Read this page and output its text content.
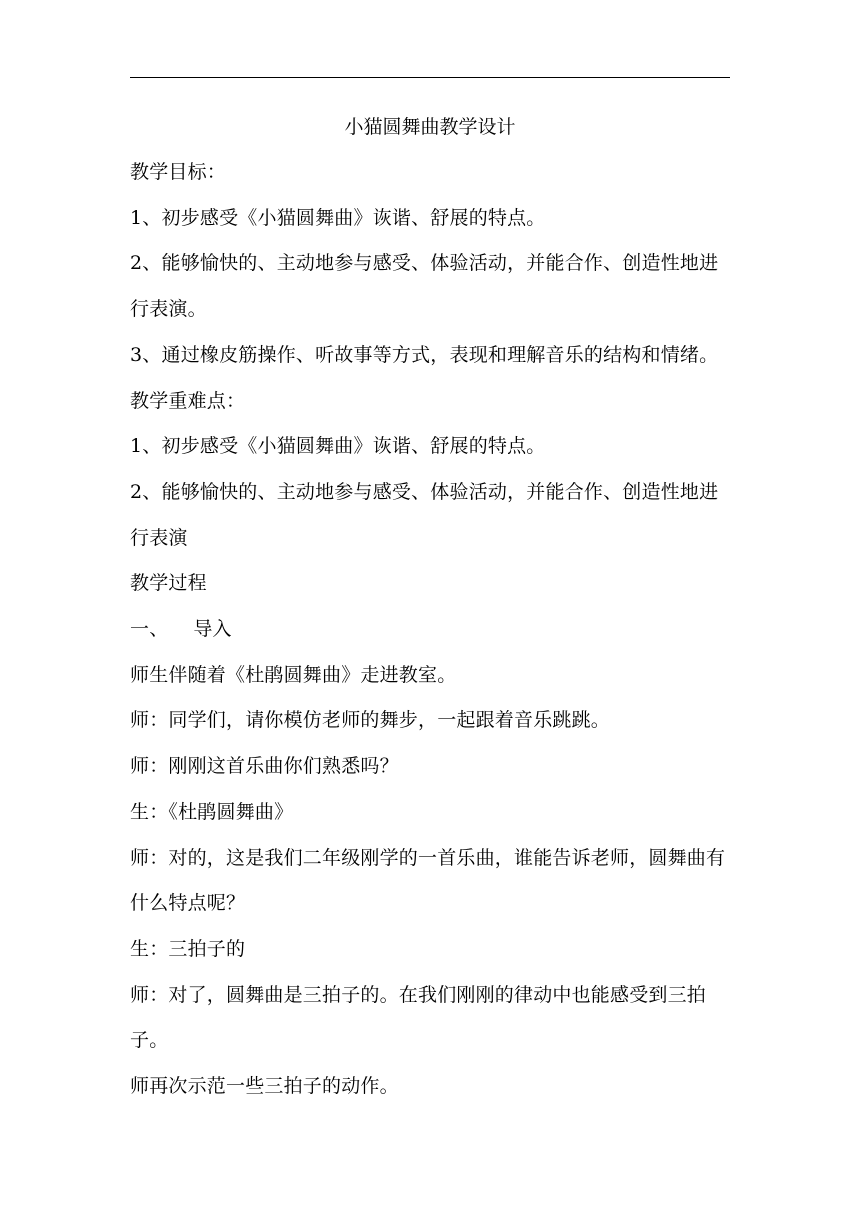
小猫圆舞曲教学设计

教学目标：

1、初步感受《小猫圆舞曲》诙谐、舒展的特点。

2、能够愉快的、主动地参与感受、体验活动，并能合作、创造性地进行表演。

3、通过橡皮筋操作、听故事等方式，表现和理解音乐的结构和情绪。

教学重难点：

1、初步感受《小猫圆舞曲》诙谐、舒展的特点。

2、能够愉快的、主动地参与感受、体验活动，并能合作、创造性地进行表演

教学过程

一、    导入

师生伴随着《杜鹃圆舞曲》走进教室。

师：同学们，请你模仿老师的舞步，一起跟着音乐跳跳。

师：刚刚这首乐曲你们熟悉吗？

生：《杜鹃圆舞曲》

师：对的，这是我们二年级刚学的一首乐曲，谁能告诉老师，圆舞曲有什么特点呢？

生：三拍子的

师：对了，圆舞曲是三拍子的。在我们刚刚的律动中也能感受到三拍子。

师再次示范一些三拍子的动作。
